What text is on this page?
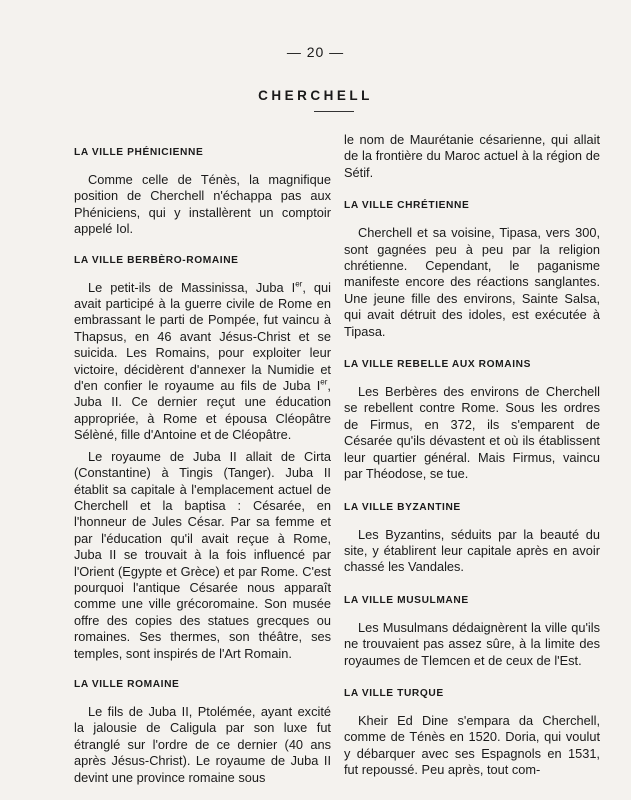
— 20 —
CHERCHELL
LA VILLE PHÉNICIENNE

Comme celle de Ténès, la magnifique position de Cherchell n'échappa pas aux Phéniciens, qui y installèrent un comptoir appelé Iol.

LA VILLE BERBÈRO-ROMAINE

Le petit-ils de Massinissa, Juba Ier, qui avait participé à la guerre civile de Rome en embrassant le parti de Pompée, fut vaincu à Thapsus, en 46 avant Jésus-Christ et se suicida. Les Romains, pour exploiter leur victoire, décidèrent d'annexer la Numidie et d'en confier le royaume au fils de Juba Ier, Juba II. Ce dernier reçut une éducation appropriée, à Rome et épousa Cléopâtre Sélèné, fille d'Antoine et de Cléopâtre.

Le royaume de Juba II allait de Cirta (Constantine) à Tingis (Tanger). Juba II établit sa capitale à l'emplacement actuel de Cherchell et la baptisa : Césarée, en l'honneur de Jules César. Par sa femme et par l'éducation qu'il avait reçue à Rome, Juba II se trouvait à la fois influencé par l'Orient (Egypte et Grèce) et par Rome. C'est pourquoi l'antique Césarée nous apparaît comme une ville grécoromaine. Son musée offre des copies des statues grecques ou romaines. Ses thermes, son théâtre, ses temples, sont inspirés de l'Art Romain.

LA VILLE ROMAINE

Le fils de Juba II, Ptolémée, ayant excité la jalousie de Caligula par son luxe fut étranglé sur l'ordre de ce dernier (40 ans après Jésus-Christ). Le royaume de Juba II devint une province romaine sous

le nom de Maurétanie césarienne, qui allait de la frontière du Maroc actuel à la région de Sétif.

LA VILLE CHRÉTIENNE

Cherchell et sa voisine, Tipasa, vers 300, sont gagnées peu à peu par la religion chrétienne. Cependant, le paganisme manifeste encore des réactions sanglantes. Une jeune fille des environs, Sainte Salsa, qui avait détruit des idoles, est exécutée à Tipasa.

LA VILLE REBELLE AUX ROMAINS

Les Berbères des environs de Cherchell se rebellent contre Rome. Sous les ordres de Firmus, en 372, ils s'emparent de Césarée qu'ils dévastent et où ils établissent leur quartier général. Mais Firmus, vaincu par Théodose, se tue.

LA VILLE BYZANTINE

Les Byzantins, séduits par la beauté du site, y établirent leur capitale après en avoir chassé les Vandales.

LA VILLE MUSULMANE

Les Musulmans dédaignèrent la ville qu'ils ne trouvaient pas assez sûre, à la limite des royaumes de Tlemcen et de ceux de l'Est.

LA VILLE TURQUE

Kheir Ed Dine s'empara da Cherchell, comme de Ténès en 1520. Doria, qui voulut y débarquer avec ses Espagnols en 1531, fut repoussé. Peu après, tout com-
